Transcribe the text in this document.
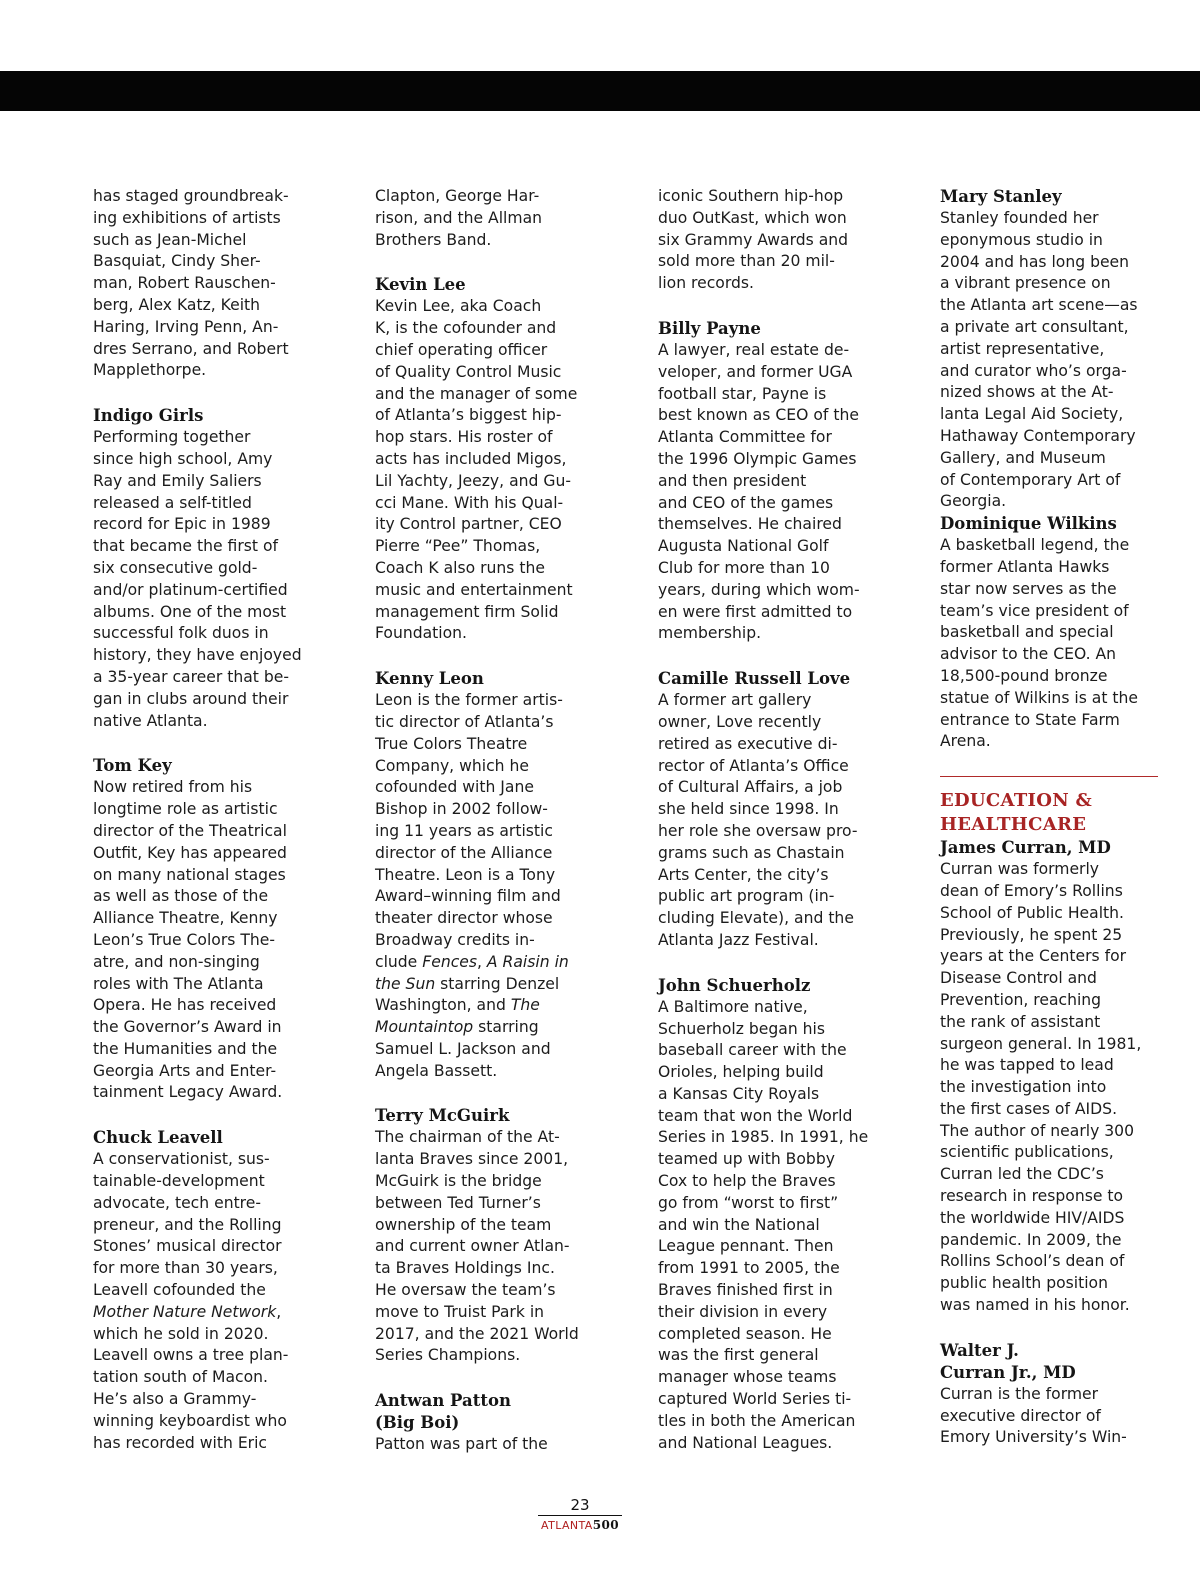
has staged groundbreak-
ing exhibitions of artists
such as Jean-Michel
Basquiat, Cindy Sher-
man, Robert Rauschen-
berg, Alex Katz, Keith
Haring, Irving Penn, An-
dres Serrano, and Robert
Mapplethorpe.
Indigo Girls
Performing together
since high school, Amy
Ray and Emily Saliers
released a self-titled
record for Epic in 1989
that became the first of
six consecutive gold-
and/or platinum-certified
albums. One of the most
successful folk duos in
history, they have enjoyed
a 35-year career that be-
gan in clubs around their
native Atlanta.
Tom Key
Now retired from his
longtime role as artistic
director of the Theatrical
Outfit, Key has appeared
on many national stages
as well as those of the
Alliance Theatre, Kenny
Leon’s True Colors The-
atre, and non-singing
roles with The Atlanta
Opera. He has received
the Governor’s Award in
the Humanities and the
Georgia Arts and Enter-
tainment Legacy Award.
Chuck Leavell
A conservationist, sus-
tainable-development
advocate, tech entre-
preneur, and the Rolling
Stones’ musical director
for more than 30 years,
Leavell cofounded the
Mother Nature Network,
which he sold in 2020.
Leavell owns a tree plan-
tation south of Macon.
He’s also a Grammy-
winning keyboardist who
has recorded with Eric
Clapton, George Har-
rison, and the Allman
Brothers Band.
Kevin Lee
Kevin Lee, aka Coach
K, is the cofounder and
chief operating officer
of Quality Control Music
and the manager of some
of Atlanta’s biggest hip-
hop stars. His roster of
acts has included Migos,
Lil Yachty, Jeezy, and Gu-
cci Mane. With his Qual-
ity Control partner, CEO
Pierre “Pee” Thomas,
Coach K also runs the
music and entertainment
management firm Solid
Foundation.
Kenny Leon
Leon is the former artis-
tic director of Atlanta’s
True Colors Theatre
Company, which he
cofounded with Jane
Bishop in 2002 follow-
ing 11 years as artistic
director of the Alliance
Theatre. Leon is a Tony
Award–winning film and
theater director whose
Broadway credits in-
clude Fences, A Raisin in
the Sun starring Denzel
Washington, and The
Mountaintop starring
Samuel L. Jackson and
Angela Bassett.
Terry McGuirk
The chairman of the At-
lanta Braves since 2001,
McGuirk is the bridge
between Ted Turner’s
ownership of the team
and current owner Atlan-
ta Braves Holdings Inc.
He oversaw the team’s
move to Truist Park in
2017, and the 2021 World
Series Champions.
Antwan Patton
(Big Boi)
Patton was part of the
iconic Southern hip-hop
duo OutKast, which won
six Grammy Awards and
sold more than 20 mil-
lion records.
Billy Payne
A lawyer, real estate de-
veloper, and former UGA
football star, Payne is
best known as CEO of the
Atlanta Committee for
the 1996 Olympic Games
and then president
and CEO of the games
themselves. He chaired
Augusta National Golf
Club for more than 10
years, during which wom-
en were first admitted to
membership.
Camille Russell Love
A former art gallery
owner, Love recently
retired as executive di-
rector of Atlanta’s Office
of Cultural Affairs, a job
she held since 1998. In
her role she oversaw pro-
grams such as Chastain
Arts Center, the city’s
public art program (in-
cluding Elevate), and the
Atlanta Jazz Festival.
John Schuerholz
A Baltimore native,
Schuerholz began his
baseball career with the
Orioles, helping build
a Kansas City Royals
team that won the World
Series in 1985. In 1991, he
teamed up with Bobby
Cox to help the Braves
go from “worst to first”
and win the National
League pennant. Then
from 1991 to 2005, the
Braves finished first in
their division in every
completed season. He
was the first general
manager whose teams
captured World Series ti-
tles in both the American
and National Leagues.
Mary Stanley
Stanley founded her
eponymous studio in
2004 and has long been
a vibrant presence on
the Atlanta art scene—as
a private art consultant,
artist representative,
and curator who’s orga-
nized shows at the At-
lanta Legal Aid Society,
Hathaway Contemporary
Gallery, and Museum
of Contemporary Art of
Georgia.
Dominique Wilkins
A basketball legend, the
former Atlanta Hawks
star now serves as the
team’s vice president of
basketball and special
advisor to the CEO. An
18,500-pound bronze
statue of Wilkins is at the
entrance to State Farm
Arena.
EDUCATION &
HEALTHCARE
James Curran, MD
Curran was formerly
dean of Emory’s Rollins
School of Public Health.
Previously, he spent 25
years at the Centers for
Disease Control and
Prevention, reaching
the rank of assistant
surgeon general. In 1981,
he was tapped to lead
the investigation into
the first cases of AIDS.
The author of nearly 300
scientific publications,
Curran led the CDC’s
research in response to
the worldwide HIV/AIDS
pandemic. In 2009, the
Rollins School’s dean of
public health position
was named in his honor.
Walter J.
Curran Jr., MD
Curran is the former
executive director of
Emory University’s Win-
23
ATLANTA500
